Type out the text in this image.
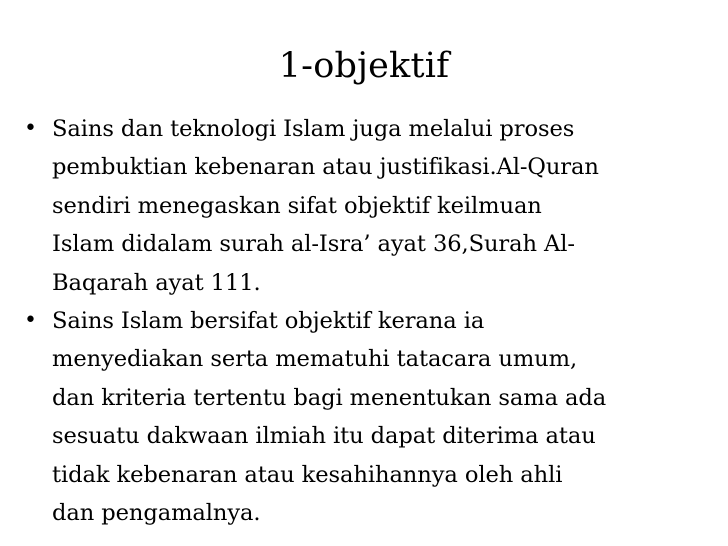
1-objektif
• Sains dan teknologi Islam juga melalui proses
pembuktian kebenaran atau justifikasi.Al-Quran
sendiri menegaskan sifat objektif keilmuan
Islam didalam surah al-Isra’ ayat 36,Surah Al-
Baqarah ayat 111.
• Sains Islam bersifat objektif kerana ia
menyediakan serta mematuhi tatacara umum,
dan kriteria tertentu bagi menentukan sama ada
sesuatu dakwaan ilmiah itu dapat diterima atau
tidak kebenaran atau kesahihannya oleh ahli
dan pengamalnya.
